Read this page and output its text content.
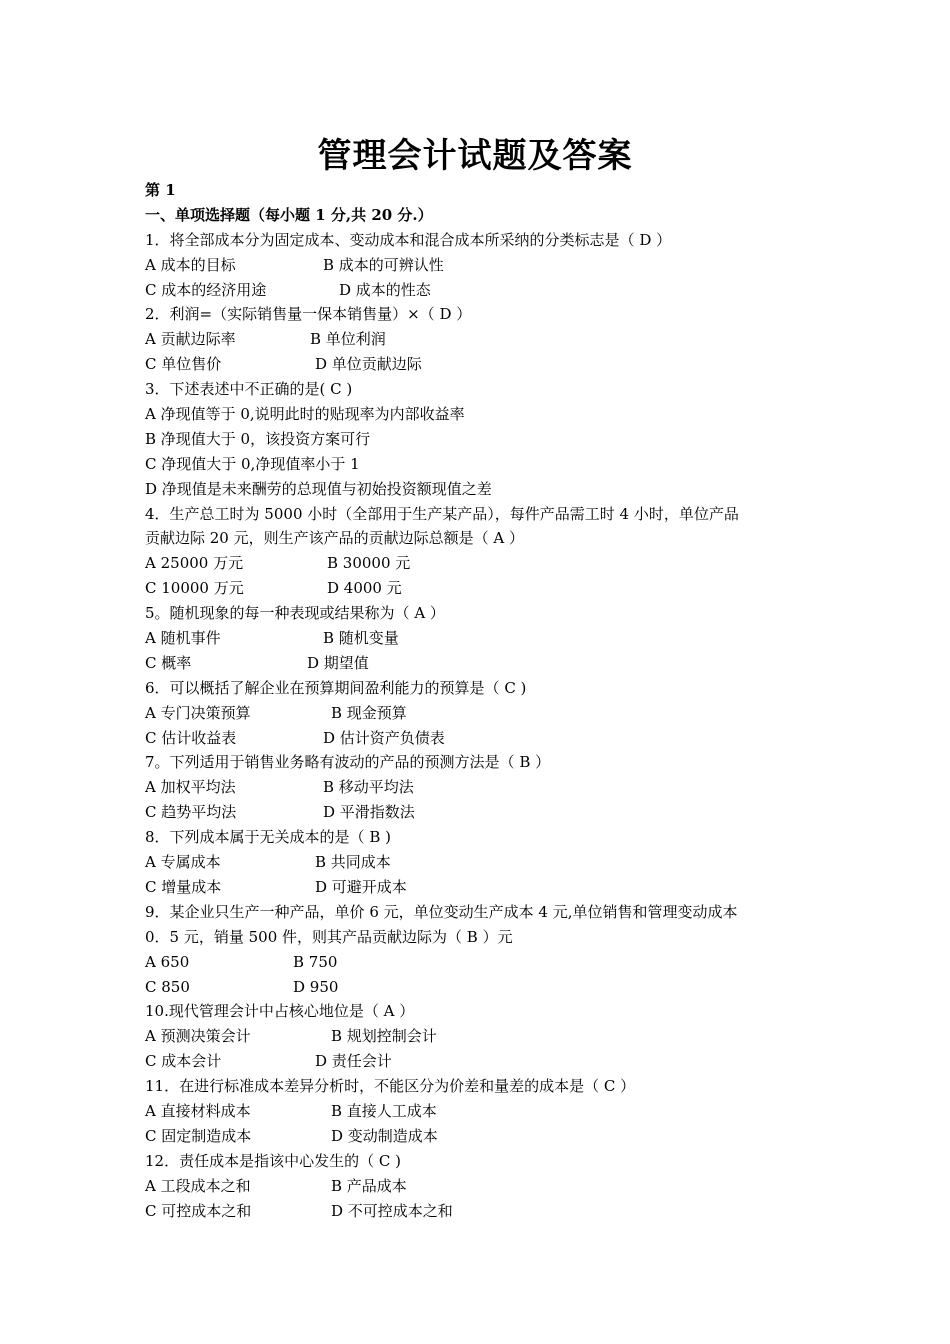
管理会计试题及答案
第 1
一、单项选择题（每小题 1 分,共 20 分.）
1．将全部成本分为固定成本、变动成本和混合成本所采纳的分类标志是（ D ）
A 成本的目标	B 成本的可辨认性
C 成本的经济用途	D 成本的性态
2．利润=（实际销售量一保本销售量）×（ D ）
A 贡献边际率	B 单位利润
C 单位售价	D 单位贡献边际
3．下述表述中不正确的是( C )
A 净现值等于 0,说明此时的贴现率为内部收益率
B 净现值大于 0，该投资方案可行
C 净现值大于 0,净现值率小于 1
D 净现值是未来酬劳的总现值与初始投资额现值之差
4．生产总工时为 5000 小时（全部用于生产某产品），每件产品需工时 4 小时，单位产品
贡献边际 20 元，则生产该产品的贡献边际总额是（ A ）
A 25000 万元	B 30000 元
C 10000 万元	D 4000 元
5。随机现象的每一种表现或结果称为（ A ）
A 随机事件	B 随机变量
C 概率	D 期望值
6．可以概括了解企业在预算期间盈利能力的预算是（ C )
A 专门决策预算	B 现金预算
C 估计收益表	D 估计资产负债表
7。下列适用于销售业务略有波动的产品的预测方法是（ B ）
A 加权平均法	B 移动平均法
C 趋势平均法	D 平滑指数法
8．下列成本属于无关成本的是（ B )
A 专属成本	B 共同成本
C 增量成本	D 可避开成本
9．某企业只生产一种产品，单价 6 元，单位变动生产成本 4 元,单位销售和管理变动成本
0．5 元，销量 500 件，则其产品贡献边际为（ B ）元
A 650	B 750
C 850	D 950
10.现代管理会计中占核心地位是（ A ）
A 预测决策会计	B 规划控制会计
C 成本会计	D 责任会计
11．在进行标准成本差异分析时，不能区分为价差和量差的成本是（ C ）
A 直接材料成本	B 直接人工成本
C 固定制造成本	D 变动制造成本
12．责任成本是指该中心发生的（ C )
A 工段成本之和	B 产品成本
C 可控成本之和	D 不可控成本之和
